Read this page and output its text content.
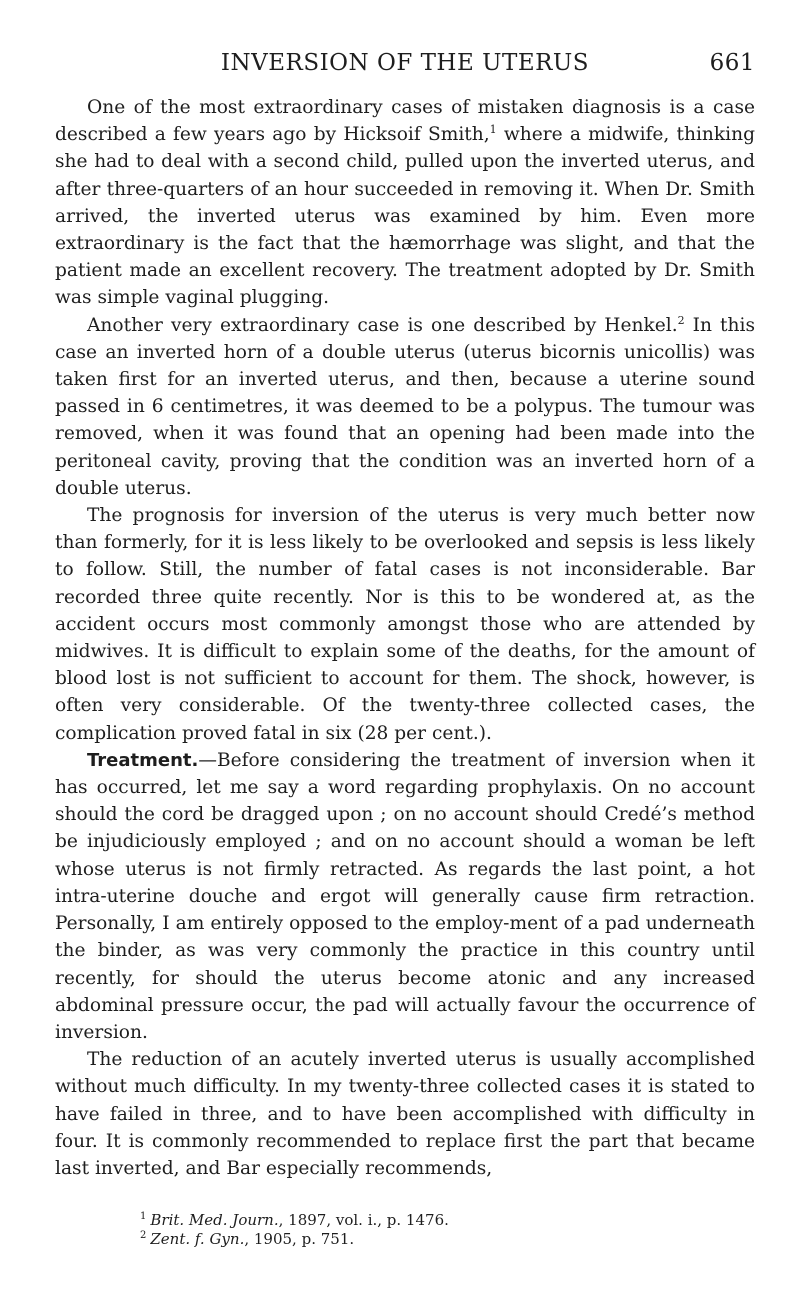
INVERSION OF THE UTERUS	661

One of the most extraordinary cases of mistaken diagnosis is a case described a few years ago by Hicksoif Smith,$^1$ where a midwife, thinking she had to deal with a second child, pulled upon the inverted uterus, and after three-quarters of an hour succeeded in removing it. When Dr. Smith arrived, the inverted uterus was examined by him. Even more extraordinary is the fact that the hæmorrhage was slight, and that the patient made an excellent recovery. The treatment adopted by Dr. Smith was simple vaginal plugging.

Another very extraordinary case is one described by Henkel.$^2$ In this case an inverted horn of a double uterus (uterus bicornis unicollis) was taken first for an inverted uterus, and then, because a uterine sound passed in 6 centimetres, it was deemed to be a polypus. The tumour was removed, when it was found that an opening had been made into the peritoneal cavity, proving that the condition was an inverted horn of a double uterus.

The prognosis for inversion of the uterus is very much better now than formerly, for it is less likely to be overlooked and sepsis is less likely to follow. Still, the number of fatal cases is not inconsiderable. Bar recorded three quite recently. Nor is this to be wondered at, as the accident occurs most commonly amongst those who are attended by midwives. It is difficult to explain some of the deaths, for the amount of blood lost is not sufficient to account for them. The shock, however, is often very considerable. Of the twenty-three collected cases, the complication proved fatal in six (28 per cent.).

Treatment.—Before considering the treatment of inversion when it has occurred, let me say a word regarding prophylaxis. On no account should the cord be dragged upon ; on no account should Credé’s method be injudiciously employed ; and on no account should a woman be left whose uterus is not firmly retracted. As regards the last point, a hot intra-uterine douche and ergot will generally cause firm retraction. Personally, I am entirely opposed to the employ-ment of a pad underneath the binder, as was very commonly the practice in this country until recently, for should the uterus become atonic and any increased abdominal pressure occur, the pad will actually favour the occurrence of inversion.

The reduction of an acutely inverted uterus is usually accomplished without much difficulty. In my twenty-three collected cases it is stated to have failed in three, and to have been accomplished with difficulty in four. It is commonly recommended to replace first the part that became last inverted, and Bar especially recommends,

$^1$ Brit. Med. Journ., 1897, vol. i., p. 1476.

$^2$ Zent. f. Gyn., 1905, p. 751.
